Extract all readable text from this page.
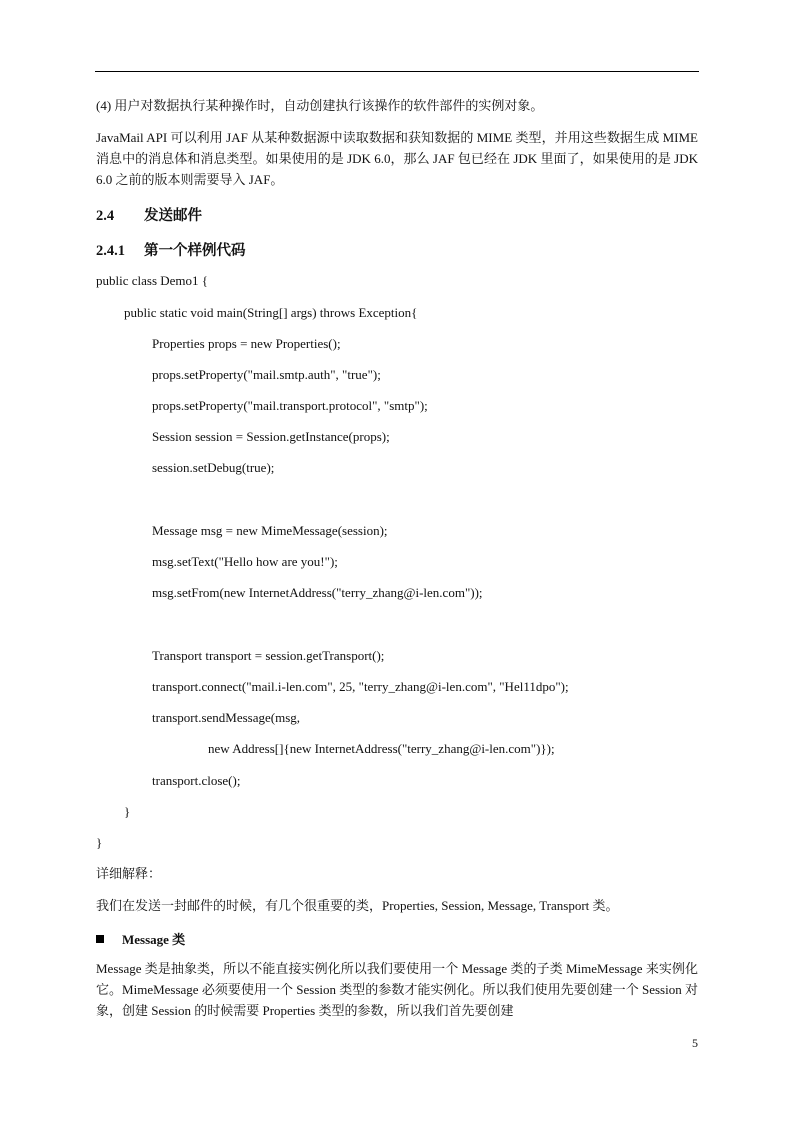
(4) 用户对数据执行某种操作时，自动创建执行该操作的软件部件的实例对象。
JavaMail API 可以利用 JAF 从某种数据源中读取数据和获知数据的 MIME 类型，并用这些数据生成 MIME 消息中的消息体和消息类型。如果使用的是 JDK 6.0，那么 JAF 包已经在 JDK 里面了，如果使用的是 JDK 6.0 之前的版本则需要导入 JAF。
2.4 发送邮件
2.4.1 第一个样例代码
public class Demo1 {
public static void main(String[] args) throws Exception{
Properties props = new Properties();
props.setProperty("mail.smtp.auth", "true");
props.setProperty("mail.transport.protocol", "smtp");
Session session = Session.getInstance(props);
session.setDebug(true);
Message msg = new MimeMessage(session);
msg.setText("Hello how are you!");
msg.setFrom(new InternetAddress("terry_zhang@i-len.com"));
Transport transport = session.getTransport();
transport.connect("mail.i-len.com", 25, "terry_zhang@i-len.com", "Hel11dpo");
transport.sendMessage(msg,
new Address[]{new InternetAddress("terry_zhang@i-len.com")});
transport.close();
}
}
详细解释：
我们在发送一封邮件的时候，有几个很重要的类，Properties, Session, Message, Transport 类。
Message 类
Message 类是抽象类，所以不能直接实例化所以我们要使用一个 Message 类的子类 MimeMessage 来实例化它。MimeMessage 必须要使用一个 Session 类型的参数才能实例化。所以我们使用先要创建一个 Session 对象，创建 Session 的时候需要 Properties 类型的参数，所以我们首先要创建
5
